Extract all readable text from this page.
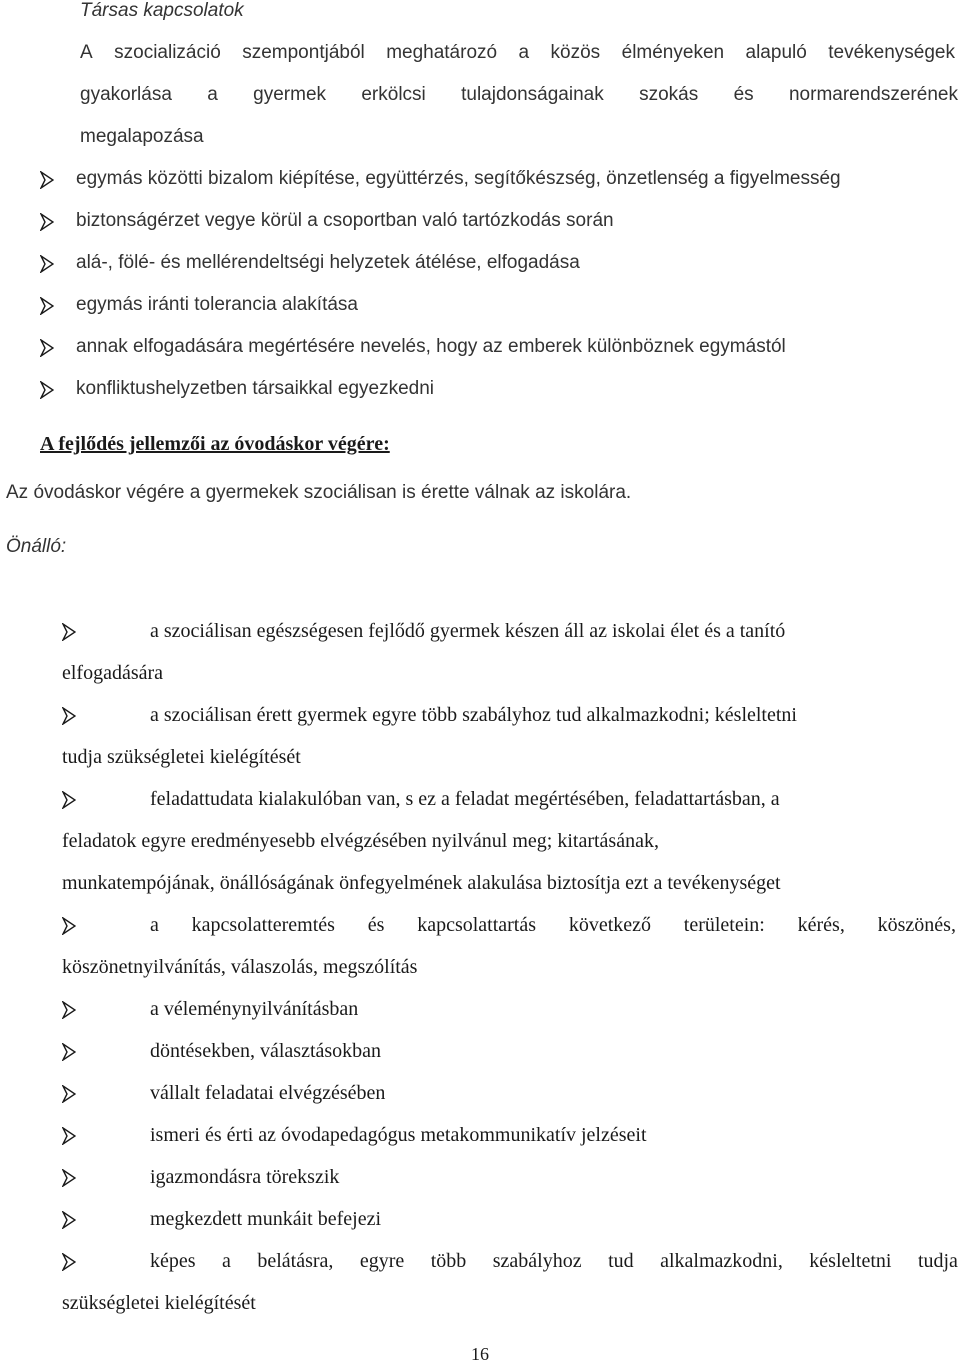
Társas kapcsolatok
A szocializáció szempontjából meghatározó a közös élményeken alapuló tevékenységek
gyakorlása a gyermek erkölcsi tulajdonságainak szokás és normarendszerének
megalapozása
egymás közötti bizalom kiépítése, együttérzés, segítőkészség, önzetlenség a figyelmesség
biztonságérzet vegye körül a csoportban való tartózkodás során
alá-, fölé- és mellérendeltségi helyzetek átélése, elfogadása
egymás iránti tolerancia alakítása
annak elfogadására megértésére nevelés, hogy az emberek különböznek egymástól
konfliktushelyzetben társaikkal egyezkedni
A fejlődés jellemzői az óvodáskor végére:
Az óvodáskor végére a gyermekek szociálisan is érette válnak az iskolára.
Önálló:
a szociálisan egészségesen fejlődő gyermek készen áll az iskolai élet és a tanító
elfogadására
a szociálisan érett gyermek egyre több szabályhoz tud alkalmazkodni; késleltetni
tudja szükségletei kielégítését
feladattudata kialakulóban van, s ez a feladat megértésében, feladattartásban, a
feladatok egyre eredményesebb elvégzésében nyilvánul meg; kitartásának,
munkatempójának, önállóságának önfegyelmének alakulása biztosítja ezt a tevékenységet
a kapcsolatteremtés és kapcsolattartás következő területein: kérés, köszönés,
köszönetnyilvánítás, válaszolás, megszólítás
a véleménynyilvánításban
döntésekben, választásokban
vállalt feladatai elvégzésében
ismeri és érti az óvodapedagógus metakommunikatív jelzéseit
igazmondásra törekszik
megkezdett munkáit befejezi
képes a belátásra, egyre több szabályhoz tud alkalmazkodni, késleltetni tudja
szükségletei kielégítését
16
